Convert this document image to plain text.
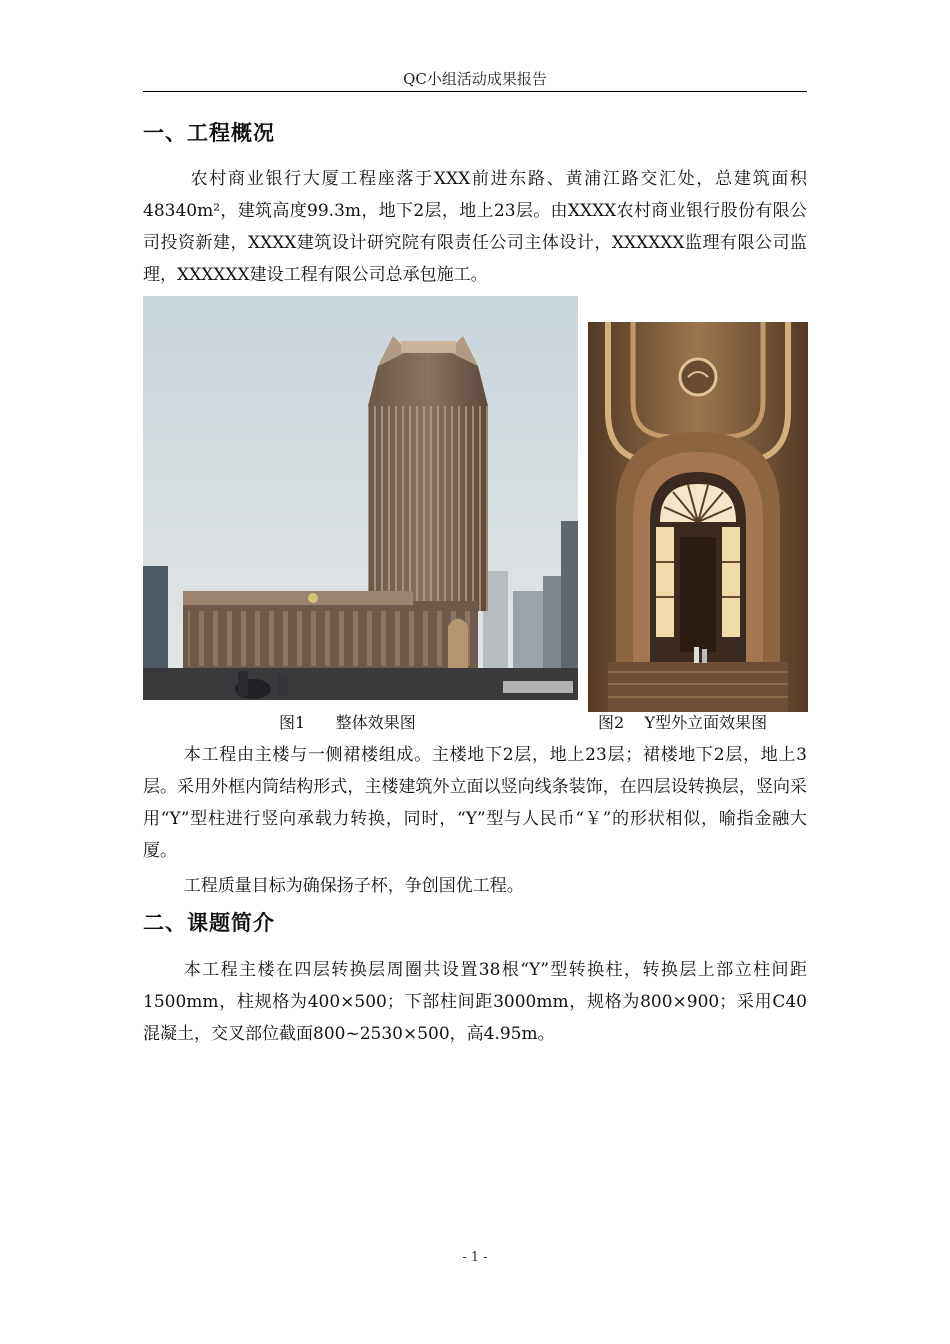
QC小组活动成果报告
一、工程概况

农村商业银行大厦工程座落于XXX前进东路、黄浦江路交汇处，总建筑面积48340m²，建筑高度99.3m，地下2层，地上23层。由XXXX农村商业银行股份有限公司投资新建，XXXX建筑设计研究院有限责任公司主体设计，XXXXXX监理有限公司监理，XXXXXX建设工程有限公司总承包施工。

图1      整体效果图	图2    Y型外立面效果图

本工程由主楼与一侧裙楼组成。主楼地下2层，地上23层；裙楼地下2层，地上3层。采用外框内筒结构形式，主楼建筑外立面以竖向线条装饰，在四层设转换层，竖向采用“Y”型柱进行竖向承载力转换，同时，“Y”型与人民币“￥”的形状相似，喻指金融大厦。

工程质量目标为确保扬子杯，争创国优工程。

二、课题简介

本工程主楼在四层转换层周圈共设置38根“Y”型转换柱，转换层上部立柱间距1500mm，柱规格为400×500；下部柱间距3000mm，规格为800×900；采用C40混凝土，交叉部位截面800~2530×500，高4.95m。

- 1 -
